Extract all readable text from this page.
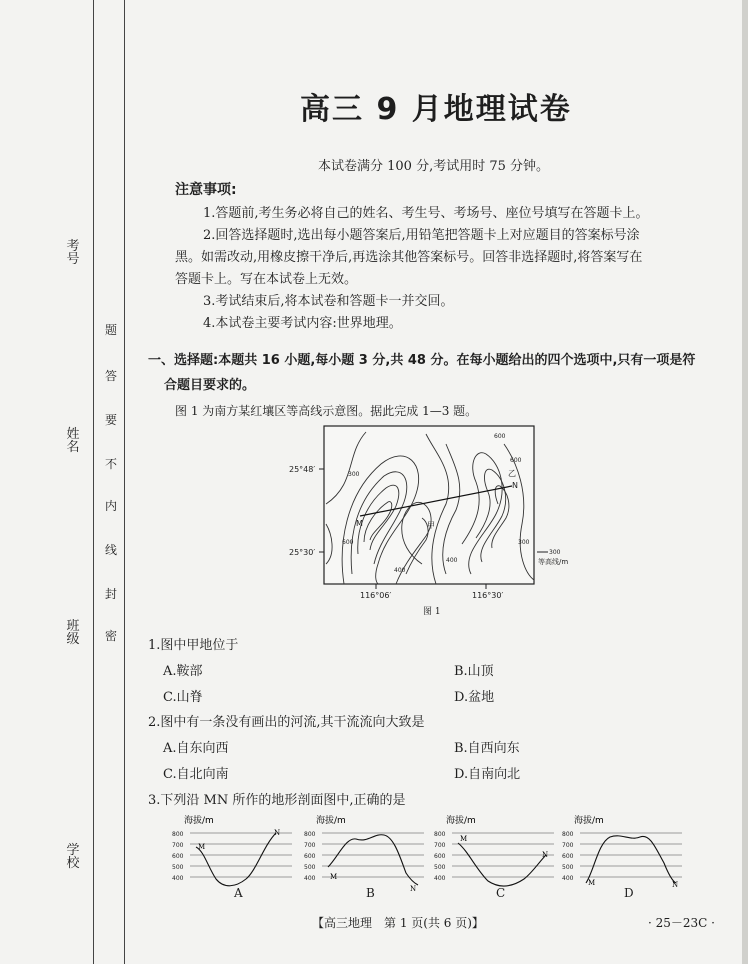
考号
姓名
班级
学校
题
答
要
不
内
线
封
密
高三 9 月地理试卷
本试卷满分 100 分,考试用时 75 分钟。
注意事项:
1.答题前,考生务必将自己的姓名、考生号、考场号、座位号填写在答题卡上。
2.回答选择题时,选出每小题答案后,用铅笔把答题卡上对应题目的答案标号涂
黑。如需改动,用橡皮擦干净后,再选涂其他答案标号。回答非选择题时,将答案写在
答题卡上。写在本试卷上无效。
3.考试结束后,将本试卷和答题卡一并交回。
4.本试卷主要考试内容:世界地理。
一、选择题:本题共 16 小题,每小题 3 分,共 48 分。在每小题给出的四个选项中,只有一项是符
合题目要求的。
图 1 为南方某红壤区等高线示意图。据此完成 1—3 题。
25°48′
25°30′
116°06′	116°30′
300
等高线/m
M
N
甲
乙
300
600
600
400
400
600	300
图 1
1.图中甲地位于
A.鞍部	B.山顶
C.山脊	D.盆地
2.图中有一条没有画出的河流,其干流流向大致是
A.自东向西	B.自西向东
C.自北向南	D.自南向北
3.下列沿 MN 所作的地形剖面图中,正确的是
海拔/m
800
700
600
500
400
M
N
A
海拔/m
800
700
600
500
400 M
N
B
海拔/m
800
700
600
500
400
M
N
C
海拔/m
800
700
600
500
400
M	N
D
【高三地理　第 1 页(共 6 页)】	· 25－23C ·
